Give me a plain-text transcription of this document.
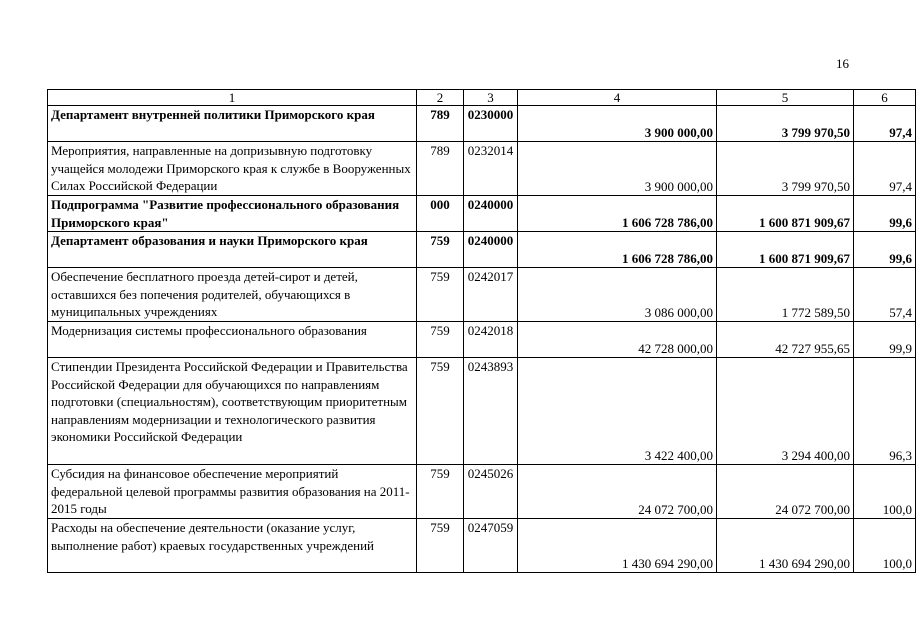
16
1	2	3	4	5	6
Департамент внутренней политики Приморского края	789	0230000	3 900 000,00	3 799 970,50	97,4
Мероприятия, направленные на допризывную подготовку учащейся молодежи Приморского края к службе в Вооруженных Силах Российской Федерации	789	0232014	3 900 000,00	3 799 970,50	97,4
Подпрограмма "Развитие профессионального образования Приморского края"	000	0240000	1 606 728 786,00	1 600 871 909,67	99,6
Департамент образования и науки Приморского края	759	0240000	1 606 728 786,00	1 600 871 909,67	99,6
Обеспечение бесплатного проезда детей-сирот и детей, оставшихся без попечения родителей, обучающихся в муниципальных учреждениях	759	0242017	3 086 000,00	1 772 589,50	57,4
Модернизация системы профессионального образования	759	0242018	42 728 000,00	42 727 955,65	99,9
Стипендии Президента Российской Федерации и Правительства Российской Федерации для обучающихся по направлениям подготовки (специальностям), соответствующим приоритетным направлениям модернизации и технологического развития экономики Российской Федерации	759	0243893	3 422 400,00	3 294 400,00	96,3
Субсидия на финансовое обеспечение мероприятий федеральной целевой программы развития образования на 2011-2015 годы	759	0245026	24 072 700,00	24 072 700,00	100,0
Расходы на обеспечение деятельности (оказание услуг, выполнение работ) краевых государственных учреждений	759	0247059	1 430 694 290,00	1 430 694 290,00	100,0
